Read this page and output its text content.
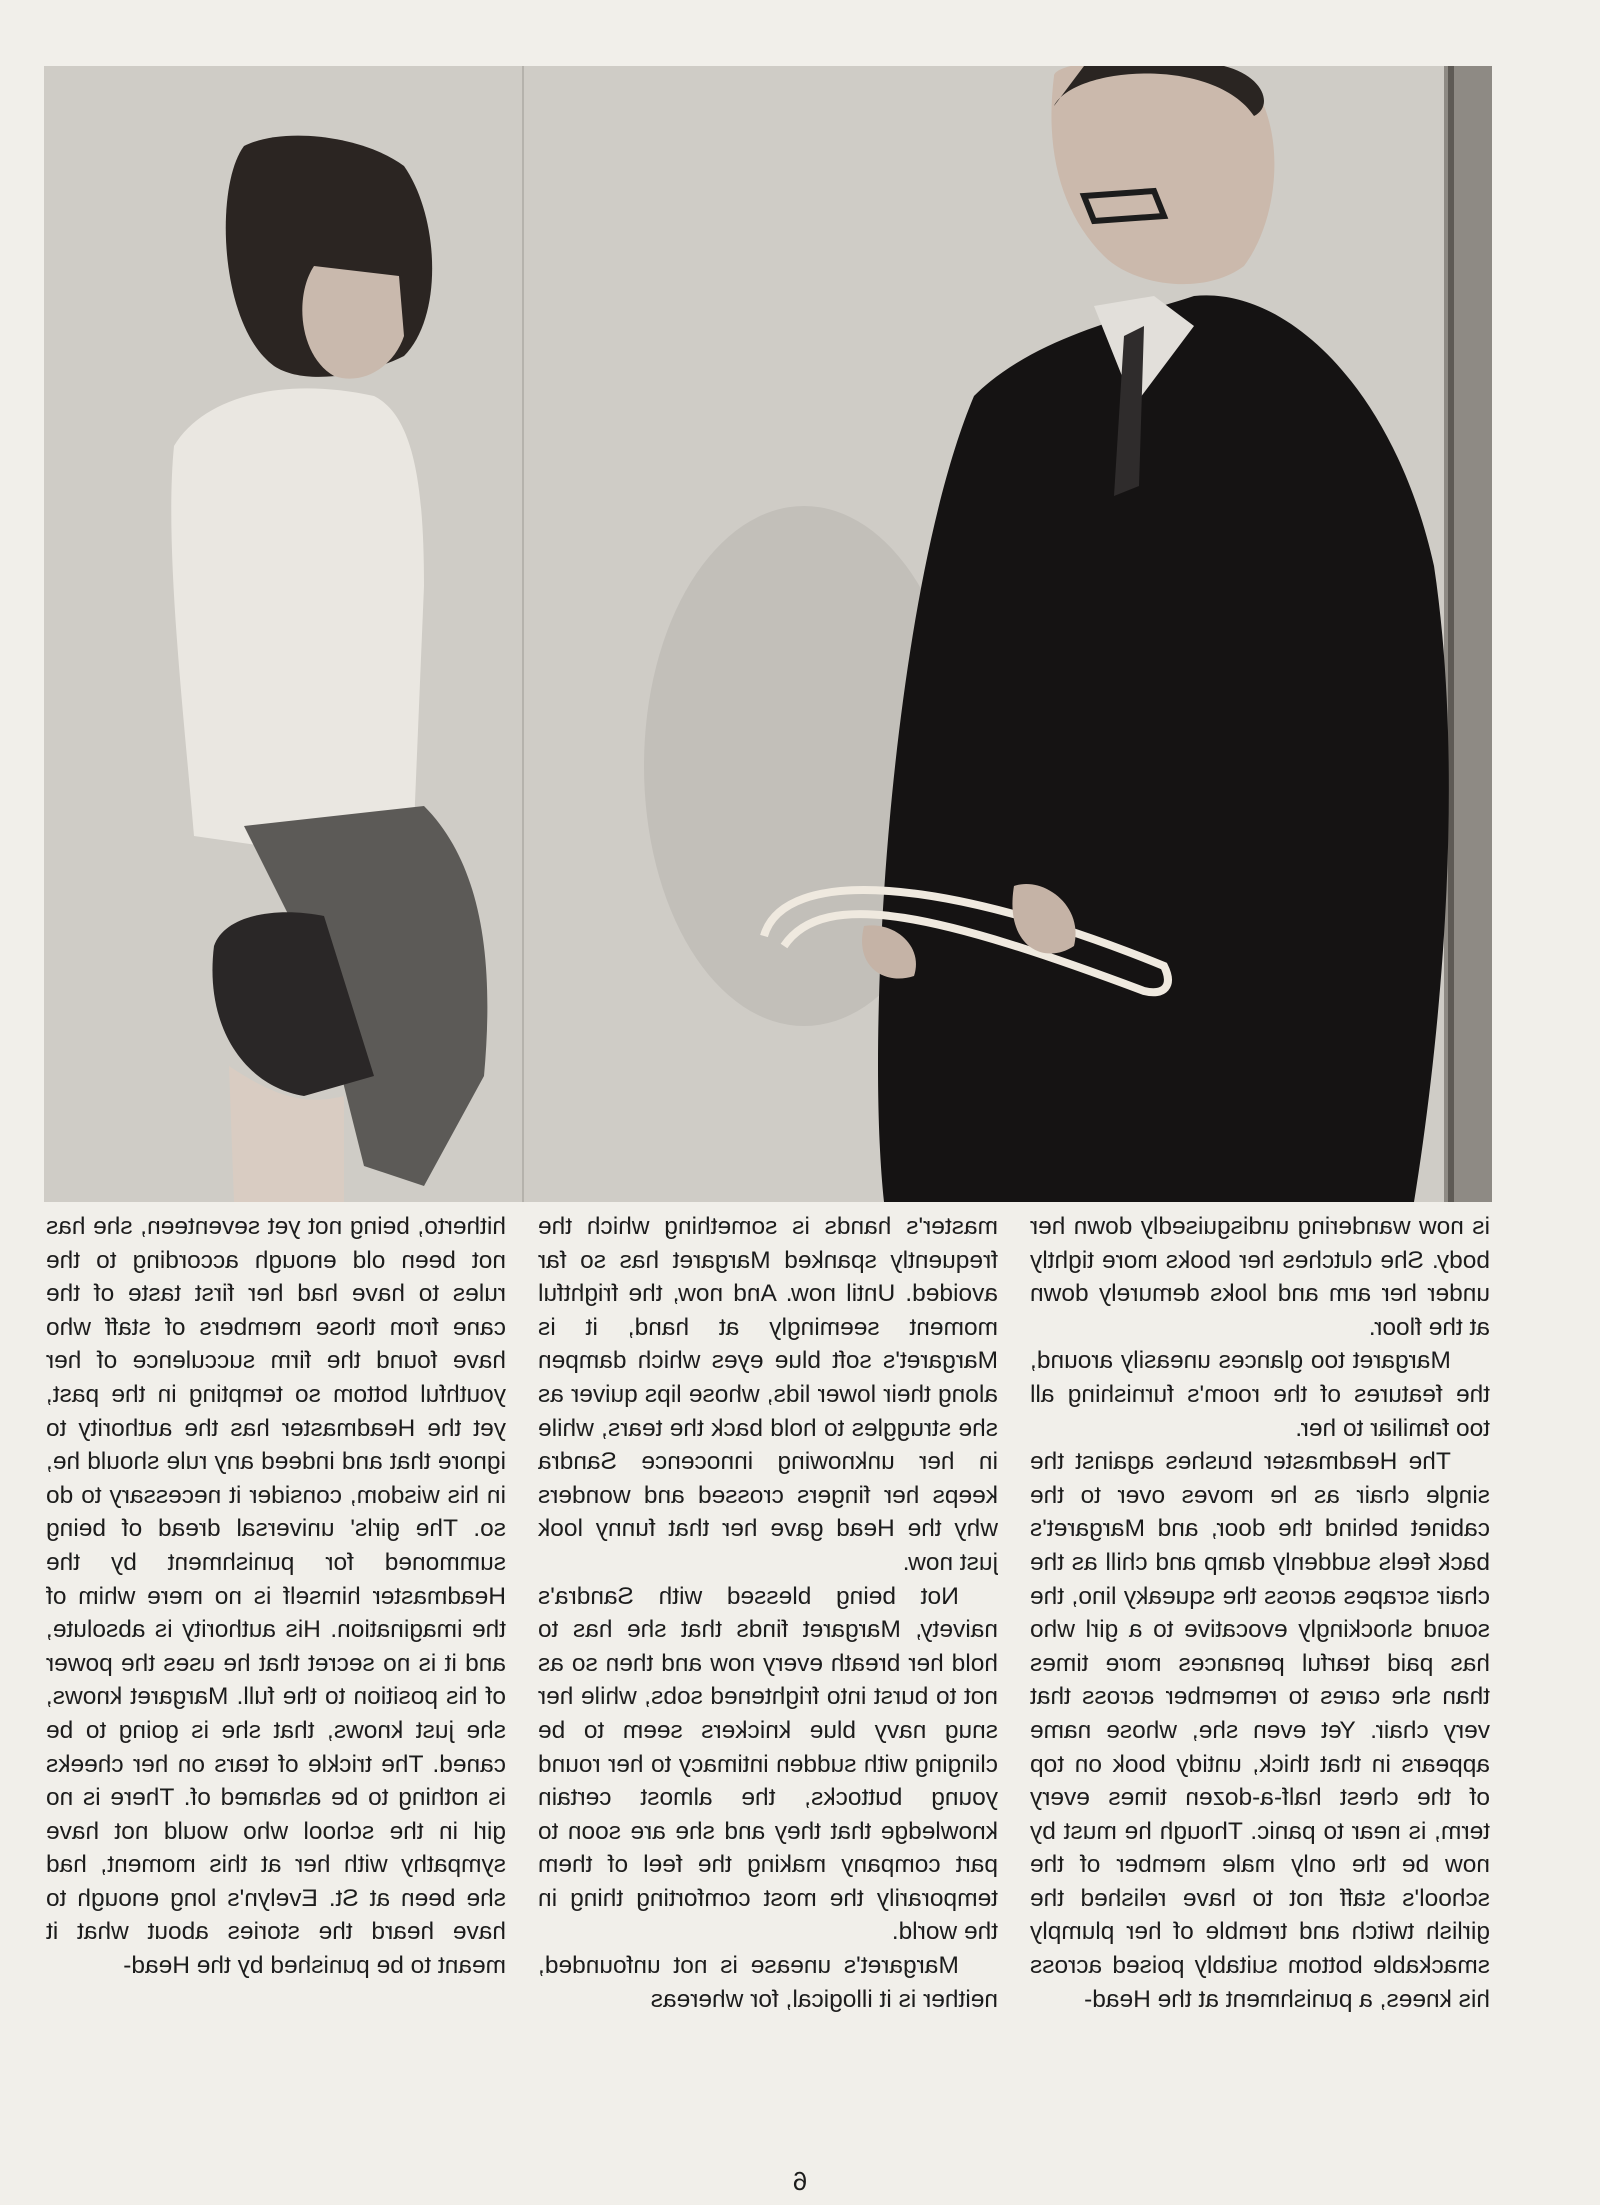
is now wandering undisguisedly down her body. She clutches her books more tightly under her arm and looks demurely down at the floor.

Margaret too glances uneasily around, the features of the room's furnishing all too familiar to her.

The Headmaster brushes against the single chair as he moves over to the cabinet behind the door, and Margaret's back feels suddenly damp and chill as the chair scrapes across the squeaky lino, the sound shockingly evocative to a girl who has paid tearful penances more times than she cares to remember across that very chair. Yet even she, whose name appears in that thick, untidy book on top of the chest half-a-dozen times every term, is near to panic. Though he must by now be the only male member of the school's staff not to have relished the girlish twitch and tremble of her plumply smackable bottom suitably poised across his knees, a punishment at the Head-

master's hands is something which the frequently spanked Margaret has so far avoided. Until now. And now, the frightful moment seemingly at hand, it is Margaret's soft blue eyes which dampen along their lower lids, whose lips quiver as she struggles to hold back the tears, while in her unknowing innocence Sandra keeps her fingers crossed and wonders why the Head gave her that funny look just now.

Not being blessed with Sandra's naivety, Margaret finds that she has to hold her breath every now and then so as not to burst into frightened sobs, while her snug navy blue knickers seem to be clinging with sudden intimacy to her round young buttocks, the almost certain knowledge that they and she are soon to part company making the feel of them temporarily the most comforting thing in the world.

Margaret's unease is not unfounded, neither is it illogical, for whereas

hitherto, being not yet seventeen, she has not been old enough according to the rules to have had her first taste of the cane from those members of staff who have found the firm succulence of her youthful bottom so tempting in the past, yet the Headmaster has the authority to ignore that and indeed any rule should he, in his wisdom, consider it necessary to do so. The girls' universal dread of being summoned for punishment by the Headmaster himself is no mere whim of the imagination. His authority is absolute, and it is no secret that he uses the power of his position to the full. Margaret knows, she just knows, that she is going to be caned. The trickle of tears on her cheeks is nothing to be ashamed of. There is no girl in the school who would not have sympathy with her at this moment, had she been at St. Evelyn's long enough to have heard the stories about what it meant to be punished by the Head-

6
